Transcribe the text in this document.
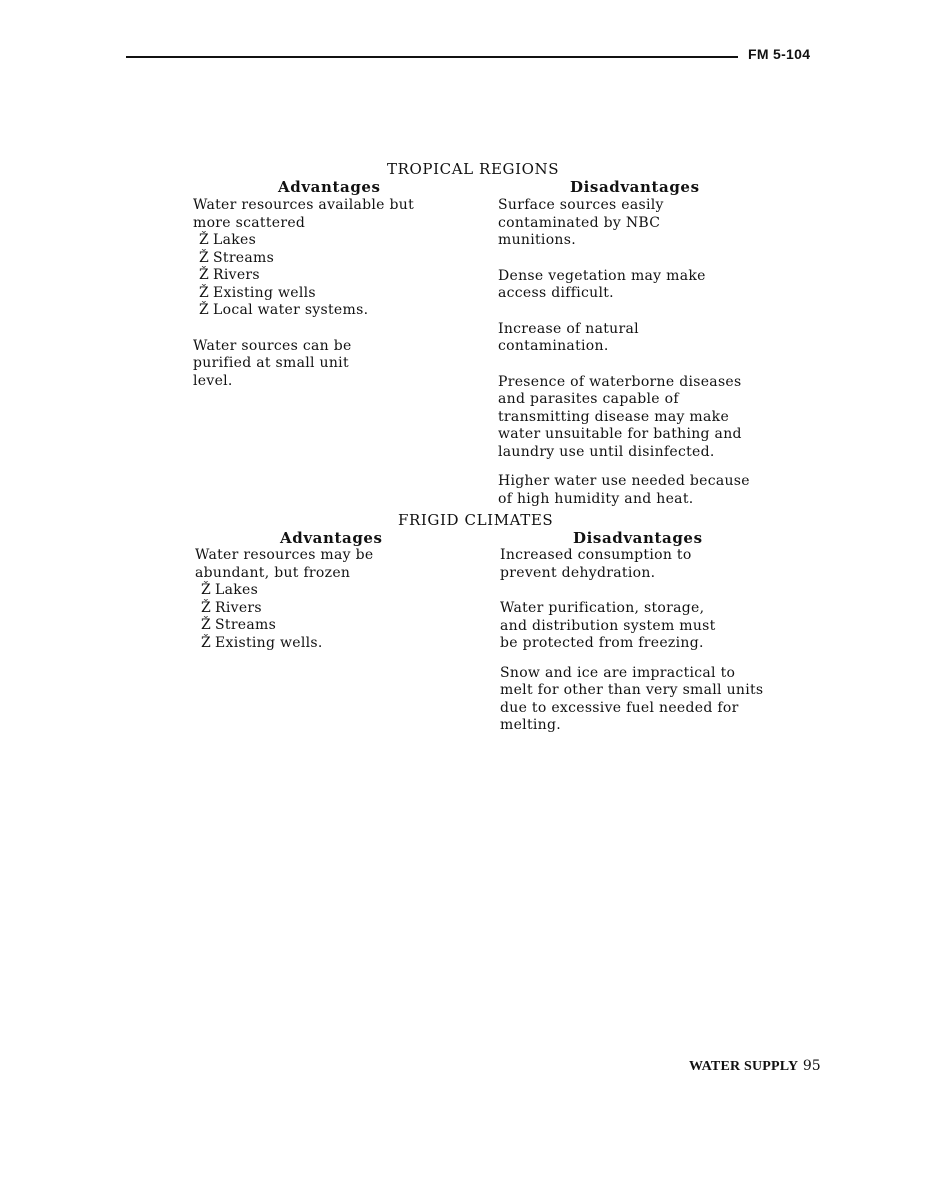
FM 5-104
TROPICAL REGIONS
Advantages	Disadvantages

Water resources available but more scattered

Ž Lakes
Ž Streams
Ž Rivers
Ž Existing wells
Ž Local water systems.

Water sources can be purified at small unit level.

Surface sources easily contaminated by NBC munitions.

Dense vegetation may make access difficult.

Increase of natural contamination.

Presence of waterborne diseases and parasites capable of transmitting disease may make water unsuitable for bathing and laundry use until disinfected.

Higher water use needed because of high humidity and heat.

FRIGID CLIMATES
Advantages	Disadvantages

Water resources may be abundant, but frozen

Ž Lakes
Ž Rivers
Ž Streams
Ž Existing wells.

Increased consumption to prevent dehydration.

Water purification, storage, and distribution system must be protected from freezing.

Snow and ice are impractical to melt for other than very small units due to excessive fuel needed for melting.

WATER SUPPLY 95
